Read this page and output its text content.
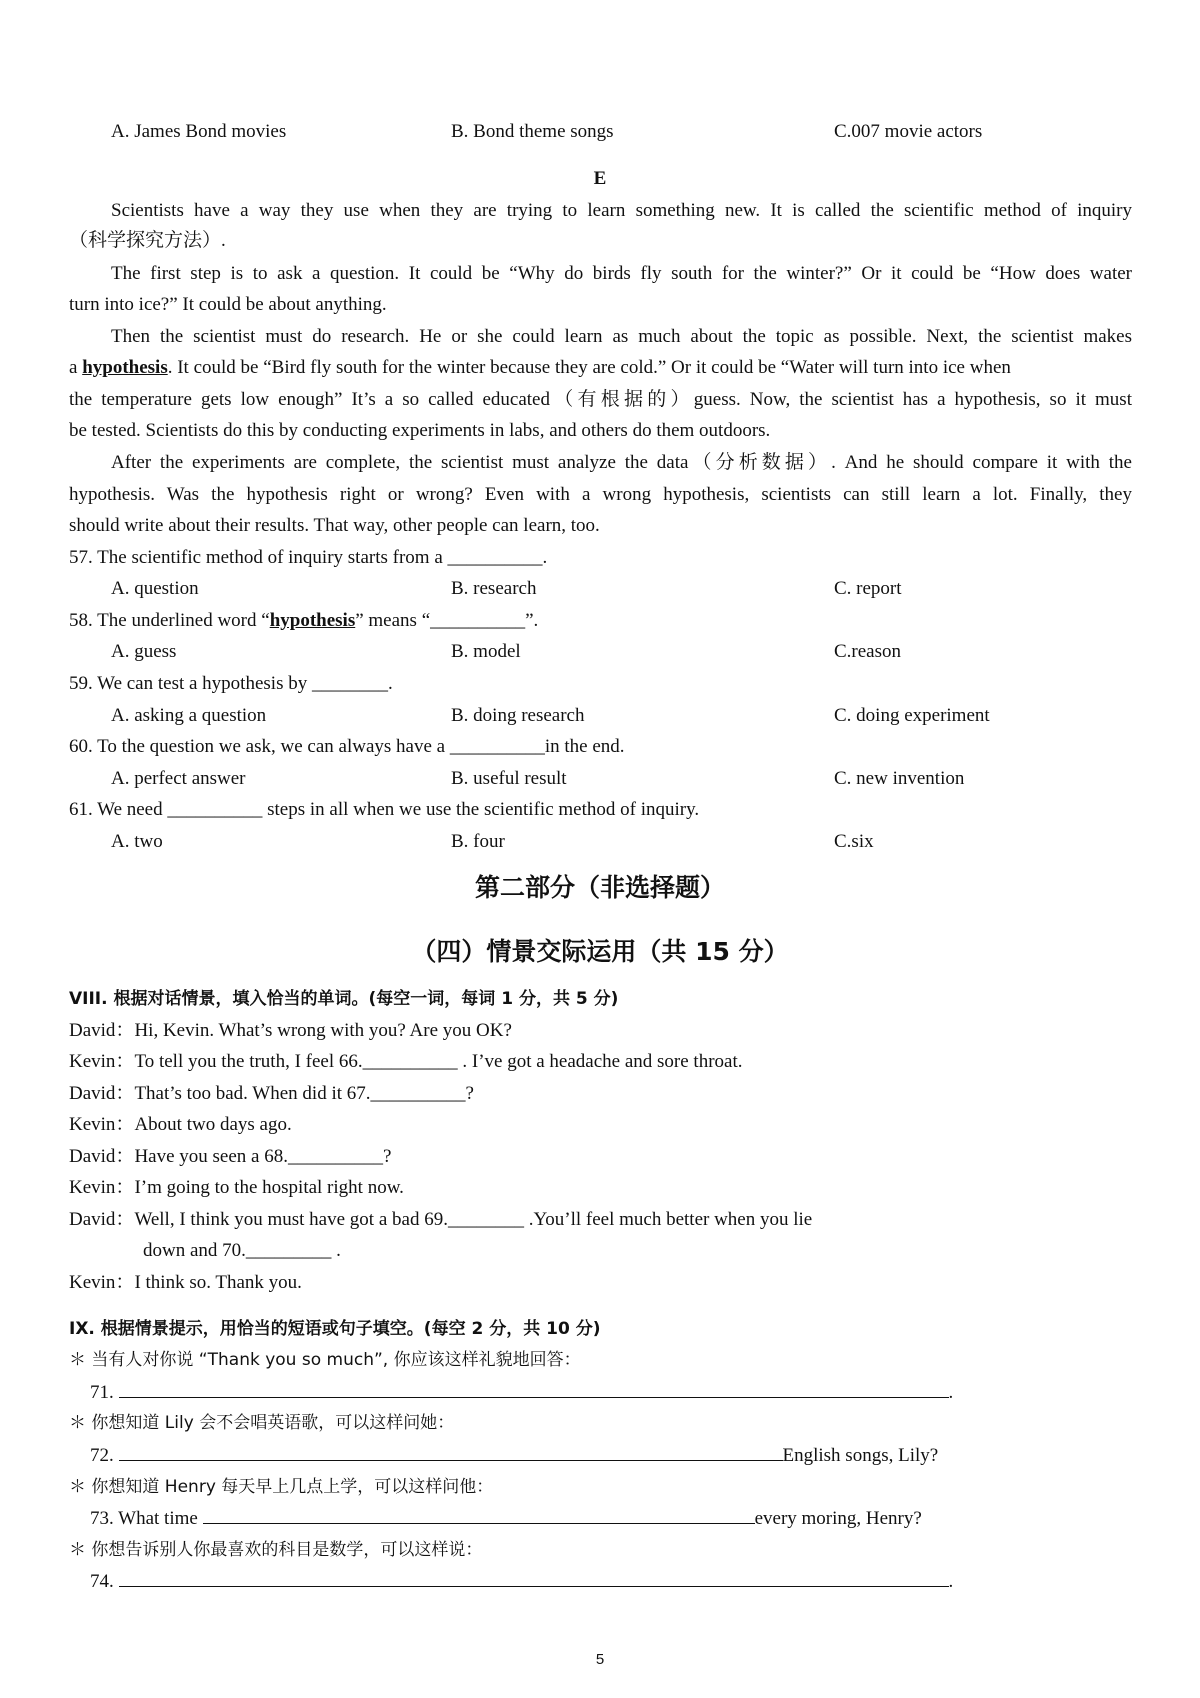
A. James Bond movies	B. Bond theme songs	C.007 movie actors
E
Scientists have a way they use when they are trying to learn something new. It is called the scientific method of inquiry
（科学探究方法）.
The first step is to ask a question. It could be “Why do birds fly south for the winter?” Or it could be “How does water
turn into ice?” It could be about anything.
Then the scientist must do research. He or she could learn as much about the topic as possible. Next, the scientist makes
a hypothesis. It could be “Bird fly south for the winter because they are cold.” Or it could be “Water will turn into ice when
the temperature gets low enough” It’s a so called educated（有根据的）guess. Now, the scientist has a hypothesis, so it must
be tested. Scientists do this by conducting experiments in labs, and others do them outdoors.
After the experiments are complete, the scientist must analyze the data（分析数据）. And he should compare it with the
hypothesis. Was the hypothesis right or wrong? Even with a wrong hypothesis, scientists can still learn a lot. Finally, they
should write about their results. That way, other people can learn, too.
57. The scientific method of inquiry starts from a __________.
A. question	B. research	C. report
58. The underlined word “hypothesis” means “__________”.
A. guess	B. model	C.reason
59. We can test a hypothesis by ________.
A. asking a question	B. doing research	C. doing experiment
60. To the question we ask, we can always have a __________in the end.
A. perfect answer	B. useful result	C. new invention
61. We need __________ steps in all when we use the scientific method of inquiry.
A. two	B. four	C.six
第二部分（非选择题）
（四）情景交际运用（共 15 分）
VIII. 根据对话情景，填入恰当的单词。(每空一词，每词 1 分，共 5 分)
David：Hi, Kevin. What’s wrong with you? Are you OK?
Kevin：To tell you the truth, I feel 66.__________ . I’ve got a headache and sore throat.
David：That’s too bad. When did it 67.__________?
Kevin：About two days ago.
David：Have you seen a 68.__________?
Kevin：I’m going to the hospital right now.
David：Well, I think you must have got a bad 69.________ .You’ll feel much better when you lie
down and 70._________ .
Kevin：I think so. Thank you.
IX. 根据情景提示，用恰当的短语或句子填空。(每空 2 分，共 10 分)
＊ 当有人对你说 “Thank you so much”, 你应该这样礼貌地回答：
71.	.
＊ 你想知道 Lily 会不会唱英语歌，可以这样问她：
72.	English songs, Lily?
＊ 你想知道 Henry 每天早上几点上学，可以这样问他：
73. What time	every moring, Henry?
＊ 你想告诉别人你最喜欢的科目是数学，可以这样说：
74.	.
5
